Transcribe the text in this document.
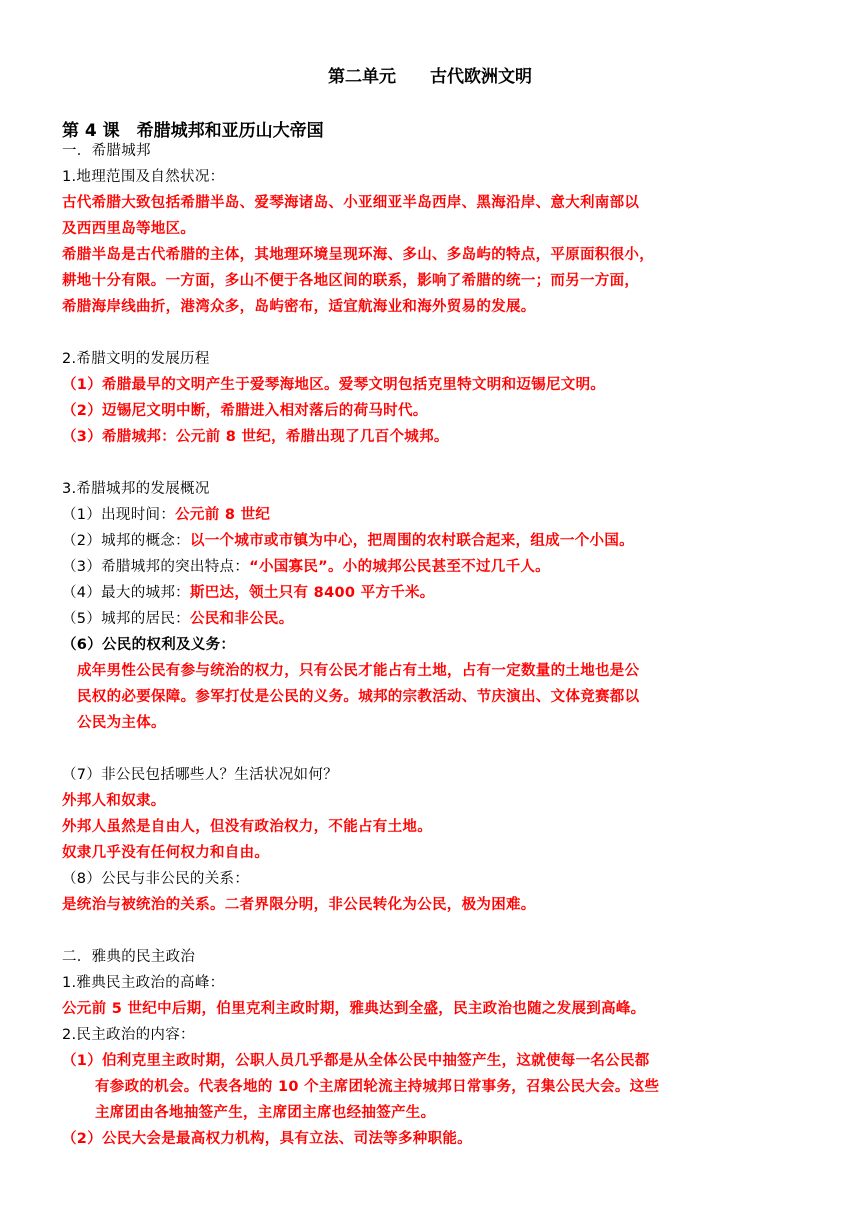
第二单元　　古代欧洲文明
第 4 课　希腊城邦和亚历山大帝国
一．希腊城邦
1.地理范围及自然状况：
古代希腊大致包括希腊半岛、爱琴海诸岛、小亚细亚半岛西岸、黑海沿岸、意大利南部以
及西西里岛等地区。
希腊半岛是古代希腊的主体，其地理环境呈现环海、多山、多岛屿的特点，平原面积很小，
耕地十分有限。一方面，多山不便于各地区间的联系，影响了希腊的统一；而另一方面，
希腊海岸线曲折，港湾众多，岛屿密布，适宜航海业和海外贸易的发展。
2.希腊文明的发展历程
（1）希腊最早的文明产生于爱琴海地区。爱琴文明包括克里特文明和迈锡尼文明。
（2）迈锡尼文明中断，希腊进入相对落后的荷马时代。
（3）希腊城邦：公元前 8 世纪，希腊出现了几百个城邦。
3.希腊城邦的发展概况
（1）出现时间：公元前 8 世纪
（2）城邦的概念：以一个城市或市镇为中心，把周围的农村联合起来，组成一个小国。
（3）希腊城邦的突出特点：“小国寡民”。小的城邦公民甚至不过几千人。
（4）最大的城邦：斯巴达，领土只有 8400 平方千米。
（5）城邦的居民：公民和非公民。
（6）公民的权利及义务：
成年男性公民有参与统治的权力，只有公民才能占有土地，占有一定数量的土地也是公
民权的必要保障。参军打仗是公民的义务。城邦的宗教活动、节庆演出、文体竞赛都以
公民为主体。
（7）非公民包括哪些人？生活状况如何？
外邦人和奴隶。
外邦人虽然是自由人，但没有政治权力，不能占有土地。
奴隶几乎没有任何权力和自由。
（8）公民与非公民的关系：
是统治与被统治的关系。二者界限分明，非公民转化为公民，极为困难。
二．雅典的民主政治
1.雅典民主政治的高峰：
公元前 5 世纪中后期，伯里克利主政时期，雅典达到全盛，民主政治也随之发展到高峰。
2.民主政治的内容：
（1）伯利克里主政时期，公职人员几乎都是从全体公民中抽签产生，这就使每一名公民都
有参政的机会。代表各地的 10 个主席团轮流主持城邦日常事务，召集公民大会。这些
主席团由各地抽签产生，主席团主席也经抽签产生。
（2）公民大会是最高权力机构，具有立法、司法等多种职能。
